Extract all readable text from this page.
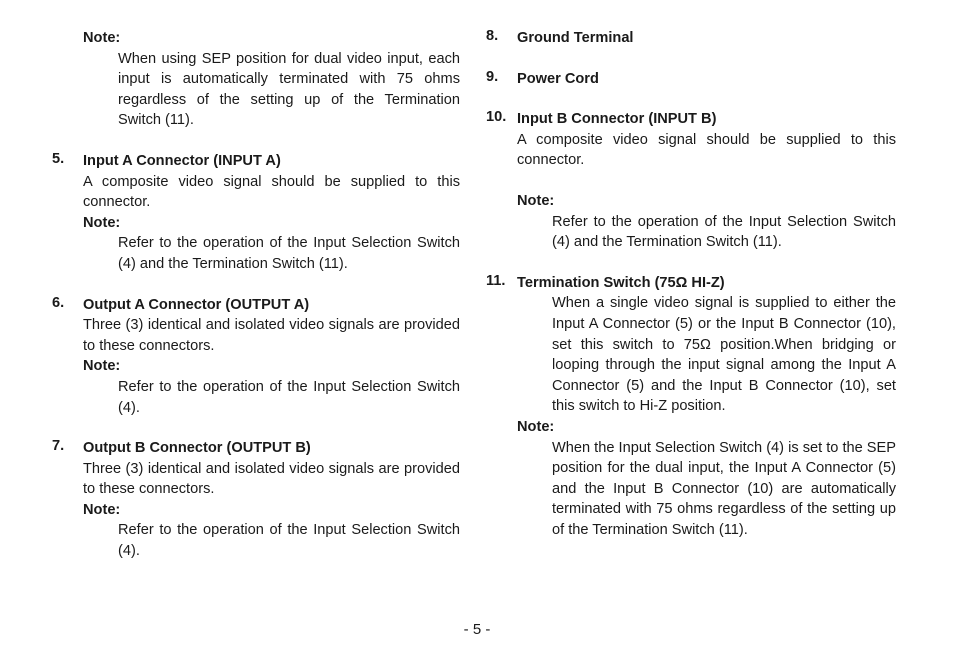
Note:
When using SEP position for dual video input, each input is automatically terminated with 75 ohms regardless of the setting up of the Termination Switch (11).
5. Input A Connector (INPUT A)
A composite video signal should be supplied to this connector.
Note:
Refer to the operation of the Input Selection Switch (4) and the Termination Switch (11).
6. Output A Connector (OUTPUT A)
Three (3) identical and isolated video signals are provided to these connectors.
Note:
Refer to the operation of the Input Selection Switch (4).
7. Output B Connector (OUTPUT B)
Three (3) identical and isolated video signals are provided to these connectors.
Note:
Refer to the operation of the Input Selection Switch (4).
8. Ground Terminal
9. Power Cord
10. Input B Connector (INPUT B)
A composite video signal should be supplied to this connector.
Note:
Refer to the operation of the Input Selection Switch (4) and the Termination Switch (11).
11. Termination Switch (75Ω HI-Z)
When a single video signal is supplied to either the Input A Connector (5) or the Input B Connector (10), set this switch to 75Ω position.When bridging or looping through the input signal among the Input A Connector (5) and the Input B Connector (10), set this switch to Hi-Z position.
Note:
When the Input Selection Switch (4) is set to the SEP position for the dual input, the Input A Connector (5) and the Input B Connector (10) are automatically terminated with 75 ohms regardless of the setting up of the Termination Switch (11).
- 5 -
